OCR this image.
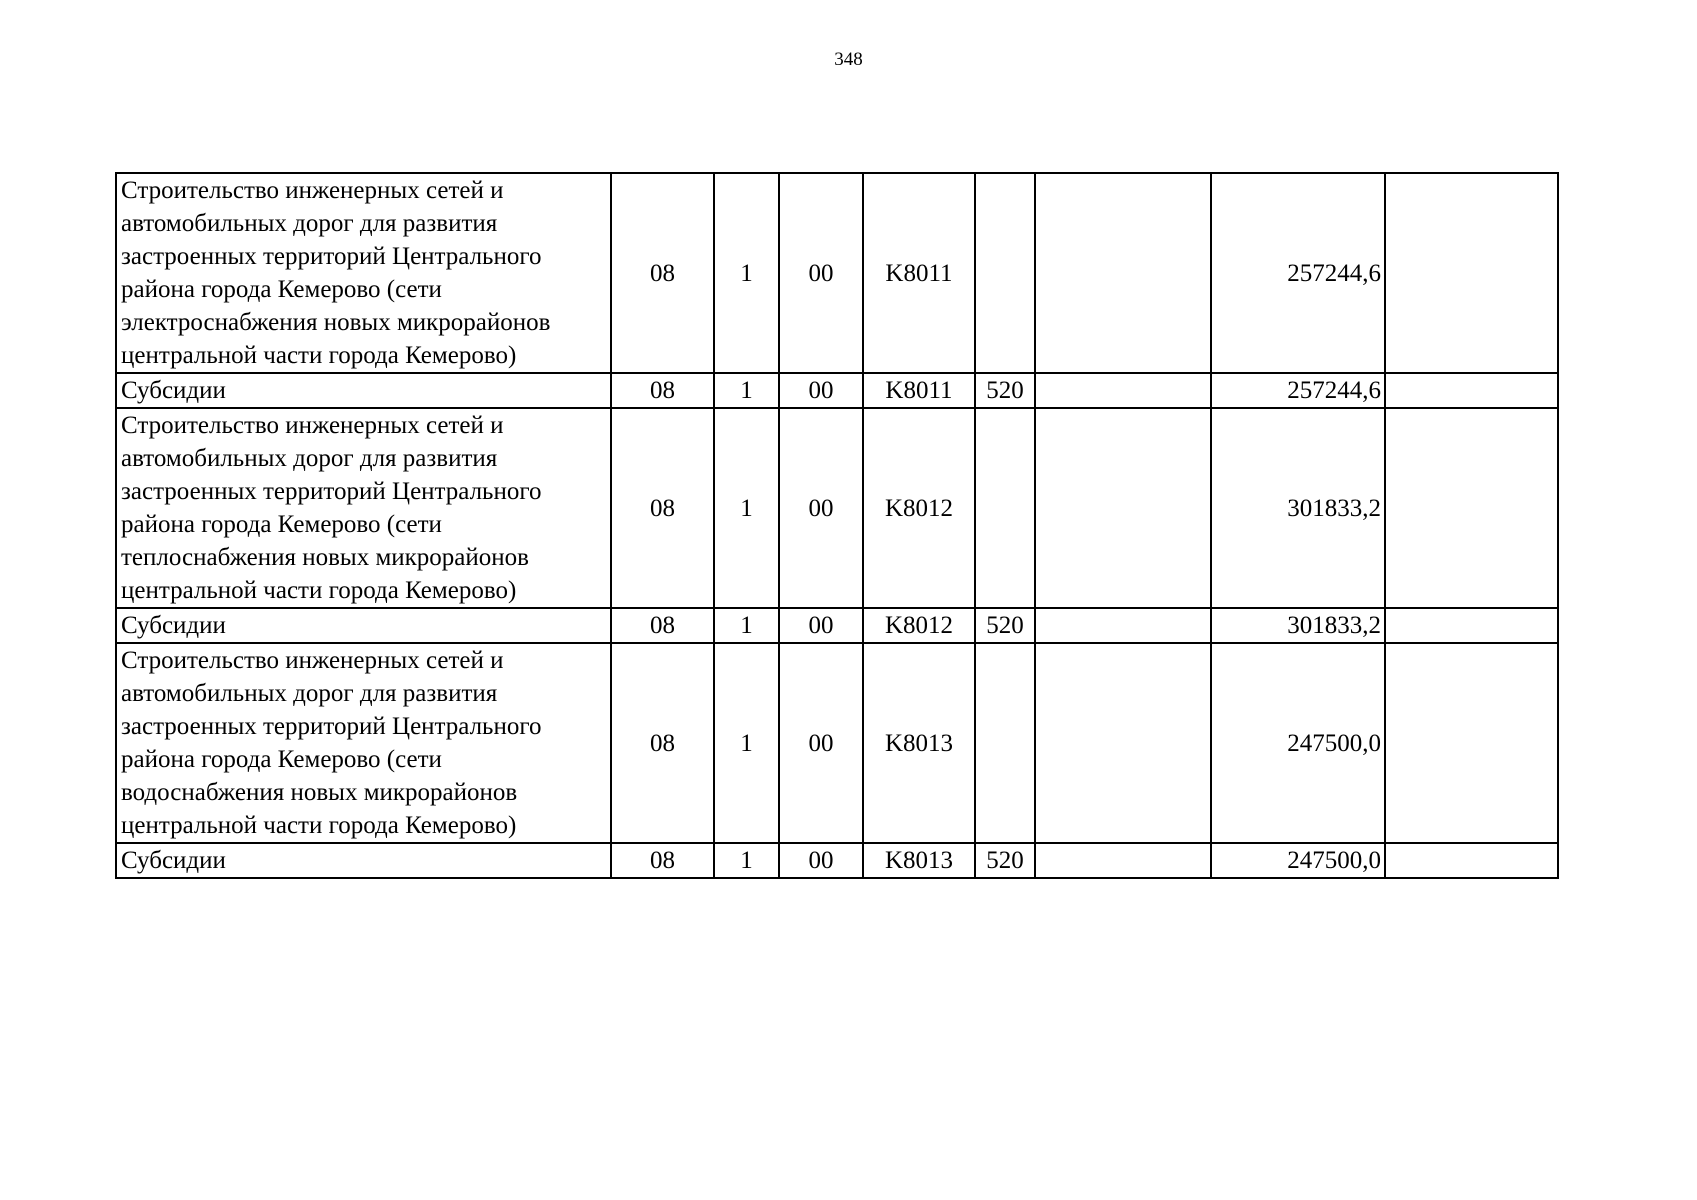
348
Строительство инженерных сетей и автомобильных дорог для развития застроенных территорий Центрального района города Кемерово (сети электроснабжения новых микрорайонов центральной части города Кемерово)	08	1	00	K8011			257244,6	
Субсидии	08	1	00	K8011	520		257244,6	
Строительство инженерных сетей и автомобильных дорог для развития застроенных территорий Центрального района города Кемерово (сети теплоснабжения новых микрорайонов центральной части города Кемерово)	08	1	00	K8012			301833,2	
Субсидии	08	1	00	K8012	520		301833,2	
Строительство инженерных сетей и автомобильных дорог для развития застроенных территорий Центрального района города Кемерово (сети водоснабжения новых микрорайонов центральной части города Кемерово)	08	1	00	K8013			247500,0	
Субсидии	08	1	00	K8013	520		247500,0	
